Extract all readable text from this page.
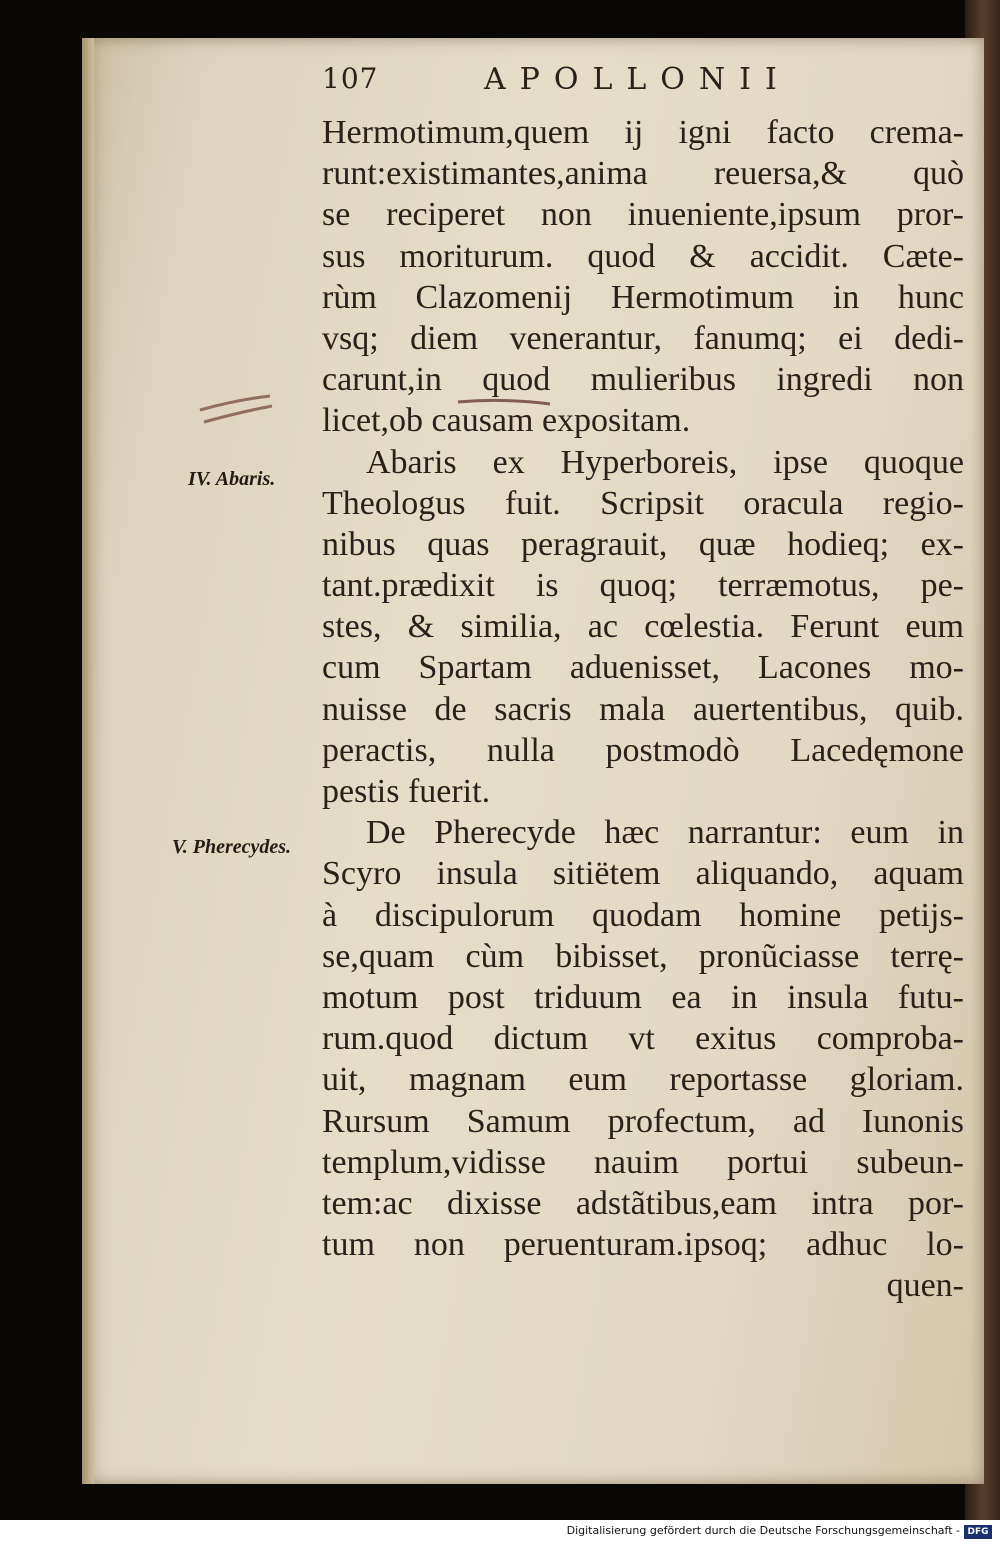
107	APOLLONII
IV. Abaris.
V. Pherecydes.
Hermotimum,quem ij igni facto crema-
runt:existimantes,anima reuersa,& quò
se reciperet non inueniente,ipsum pror-
sus moriturum. quod & accidit. Cæte-
rùm Clazomenij Hermotimum in hunc
vsq; diem venerantur, fanumq; ei dedi-
carunt,in quod mulieribus ingredi non
licet,ob causam expositam.
Abaris ex Hyperboreis, ipse quoque
Theologus fuit. Scripsit oracula regio-
nibus quas peragrauit, quæ hodieq; ex-
tant.prædixit is quoq; terræmotus, pe-
stes, & similia, ac cœlestia. Ferunt eum
cum Spartam aduenisset, Lacones mo-
nuisse de sacris mala auertentibus, quib.
peractis, nulla postmodò Lacedęmone
pestis fuerit.
De Pherecyde hæc narrantur: eum in
Scyro insula sitiëtem aliquando, aquam
à discipulorum quodam homine petijs-
se,quam cùm bibisset, pronũciasse terrę-
motum post triduum ea in insula futu-
rum.quod dictum vt exitus comproba-
uit, magnam eum reportasse gloriam.
Rursum Samum profectum, ad Iunonis
templum,vidisse nauim portui subeun-
tem:ac dixisse adstãtibus,eam intra por-
tum non peruenturam.ipsoq; adhuc lo-
quen-
Digitalisierung gefördert durch die Deutsche Forschungsgemeinschaft - DFG
